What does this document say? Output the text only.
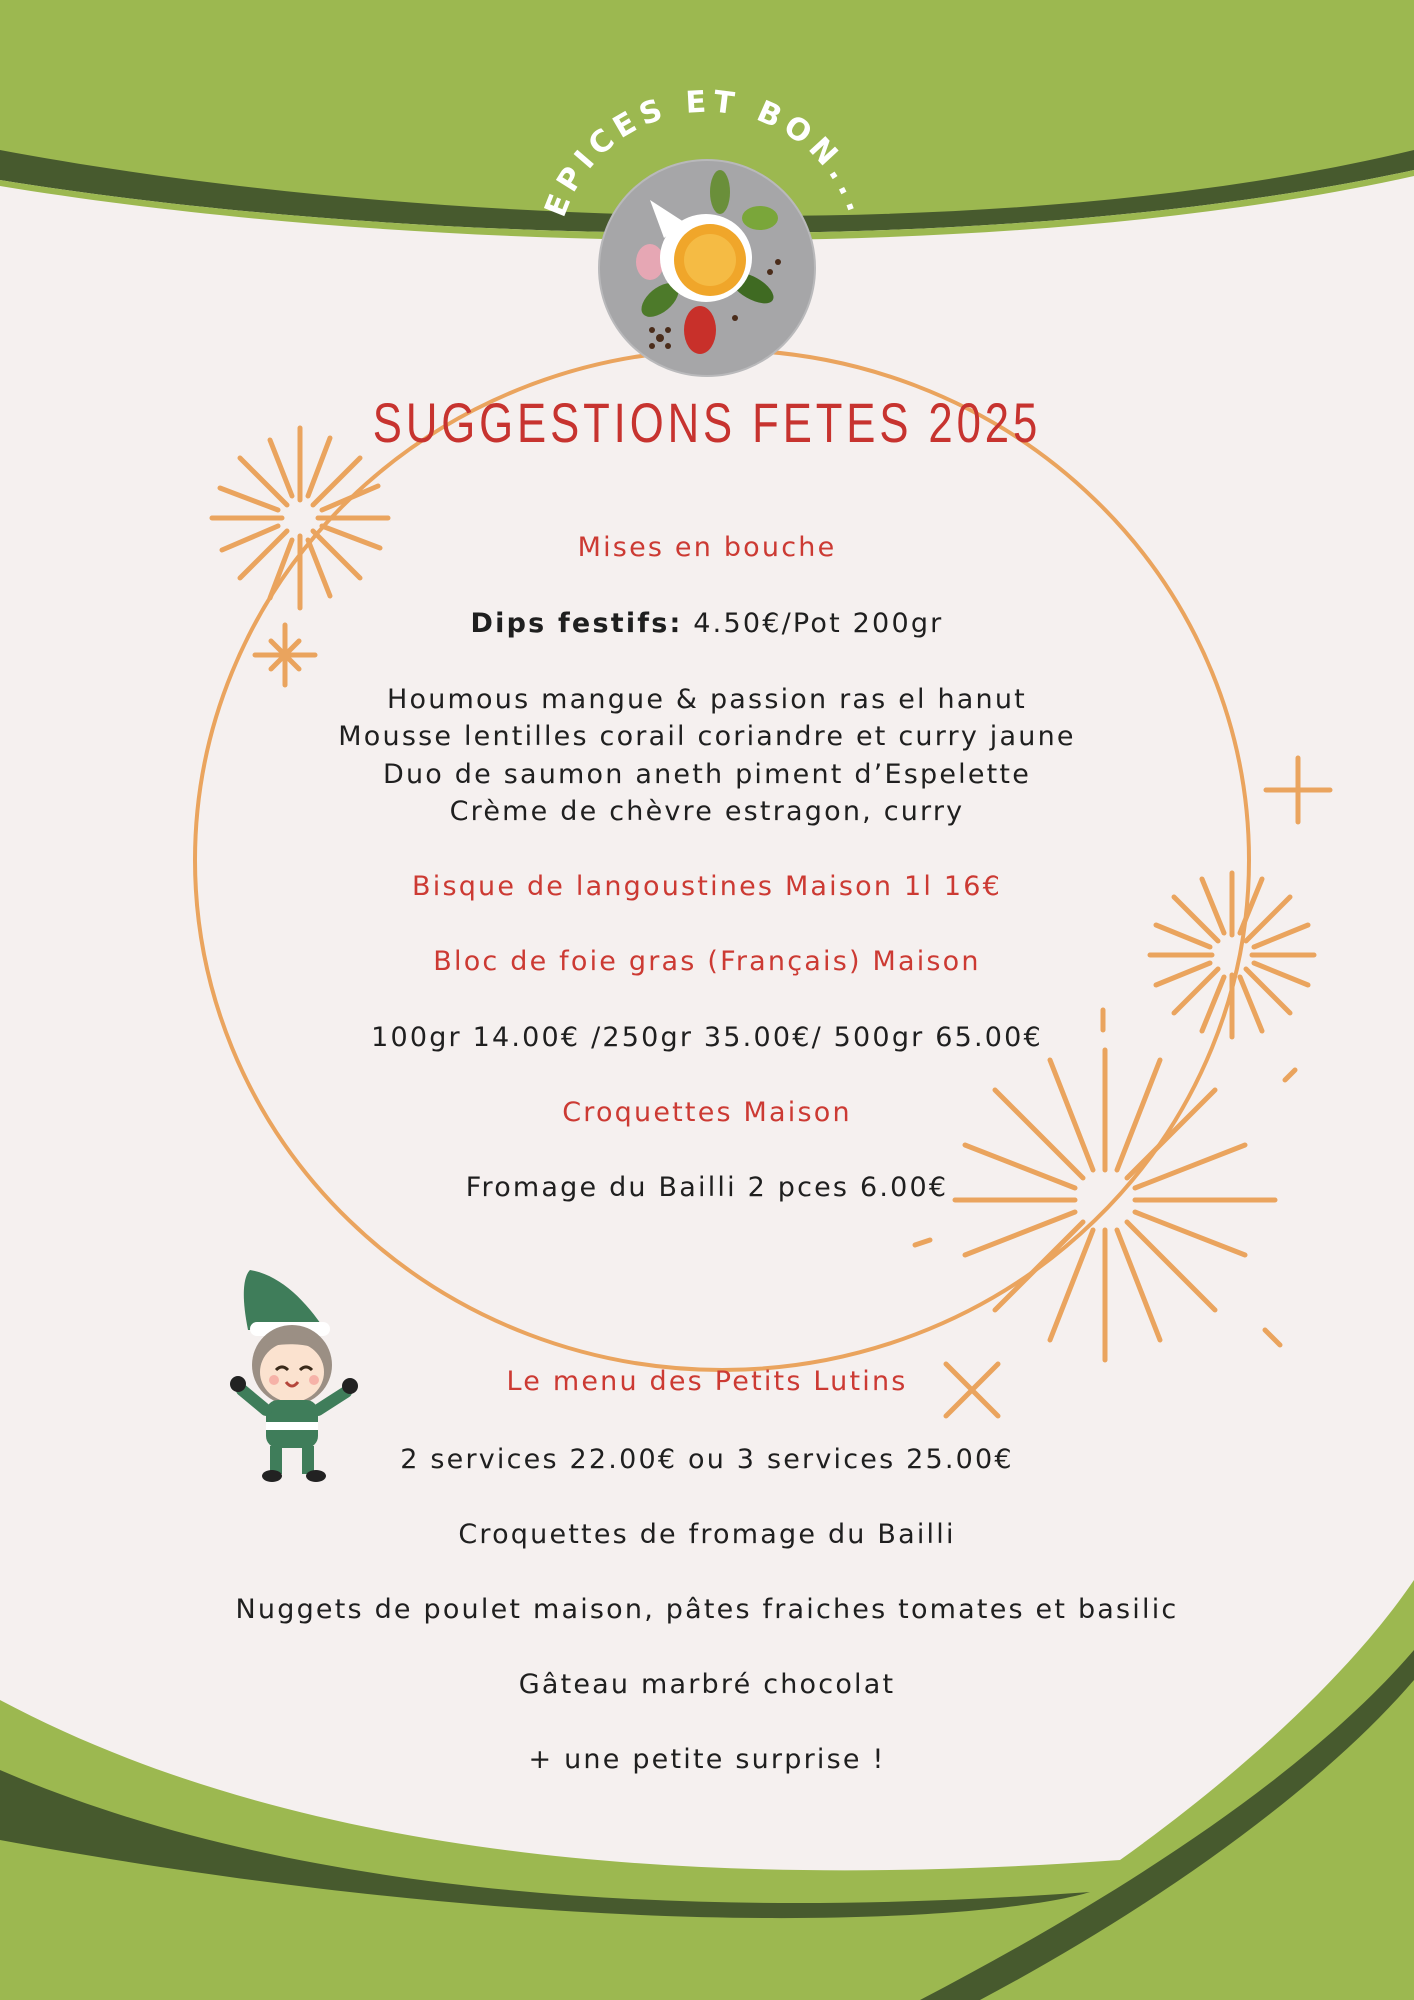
EPICES ET BON...
SUGGESTIONS FETES 2025
Mises en bouche
Dips festifs: 4.50€/Pot 200gr
Houmous mangue & passion ras el hanut
Mousse lentilles corail coriandre et curry jaune
Duo de saumon aneth piment d’Espelette
Crème de chèvre estragon, curry
Bisque de langoustines Maison 1l 16€
Bloc de foie gras (Français) Maison
100gr 14.00€ /250gr 35.00€/ 500gr 65.00€
Croquettes Maison
Fromage du Bailli 2 pces 6.00€
Le menu des Petits Lutins
2 services 22.00€ ou 3 services 25.00€
Croquettes de fromage du Bailli
Nuggets de poulet maison, pâtes fraiches tomates et basilic
Gâteau marbré chocolat
+ une petite surprise !
